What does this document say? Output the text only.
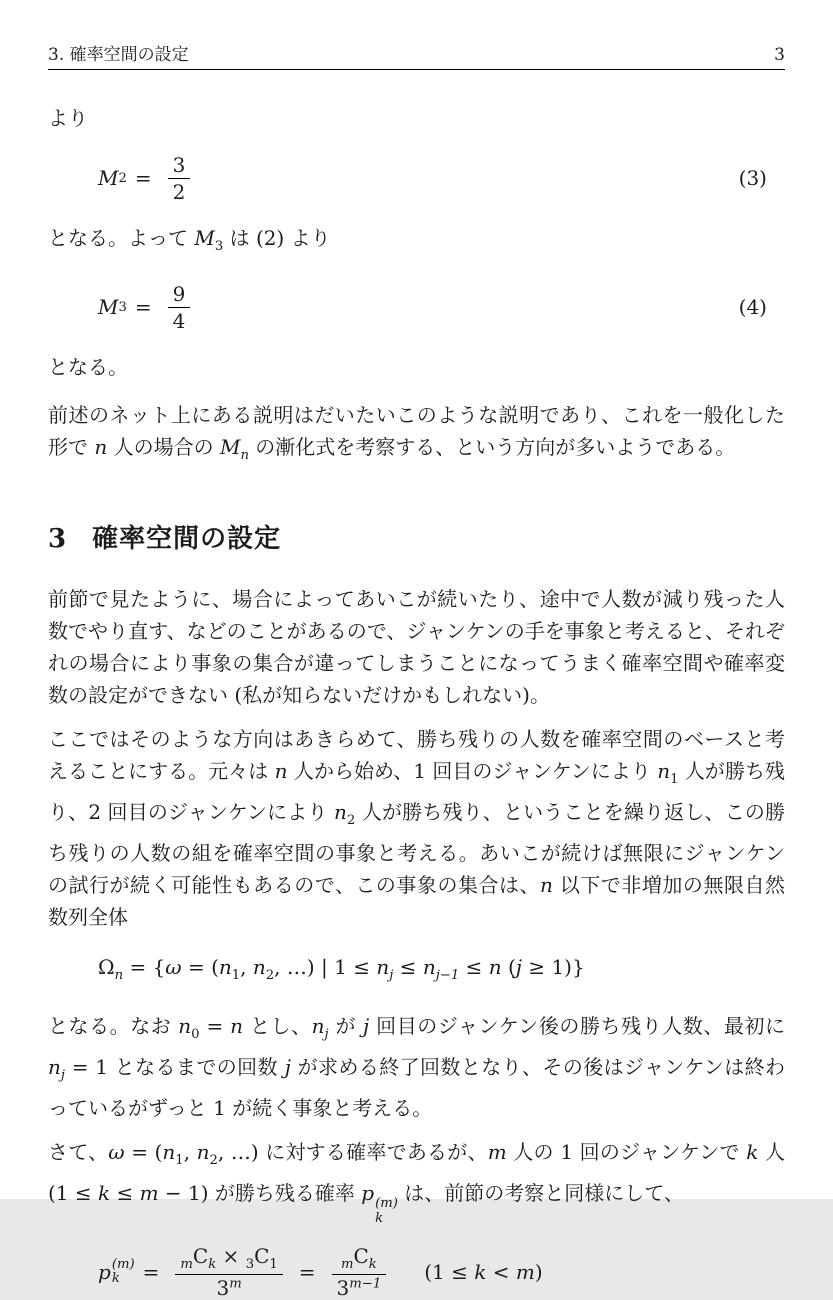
3. 確率空間の設定	3

より

M $2 = \frac{3}{2}$	(3)

となる。よって $M_3$ は (2) より

M $3 = \frac{9}{4}$	(4)

となる。

前述のネット上にある説明はだいたいこのような説明であり、これを一般化した形で n 人の場合の $M_n$ の漸化式を考察する、という方向が多いようである。

3 確率空間の設定

前節で見たように、場合によってあいこが続いたり、途中で人数が減り残った人数でやり直す、などのことがあるので、ジャンケンの手を事象と考えると、それぞれの場合により事象の集合が違ってしまうことになってうまく確率空間や確率変数の設定ができない (私が知らないだけかもしれない)。

ここではそのような方向はあきらめて、勝ち残りの人数を確率空間のベースと考えることにする。元々は n 人から始め、1 回目のジャンケンにより $n_1$ 人が勝ち残り、2 回目のジャンケンにより $n_2$ 人が勝ち残り、ということを繰り返し、この勝ち残りの人数の組を確率空間の事象と考える。あいこが続けば無限にジャンケンの試行が続く可能性もあるので、この事象の集合は、n 以下で非増加の無限自然数列全体

$\Omega_n = \{\omega = (n_1$, $n_2$, …) | $1 \le n_j \le n_{j-1} \le n$ (j ≥ 1)}

となる。なお $n_0 = n$ とし、$n_j$ が j 回目のジャンケン後の勝ち残り人数、最初に $n_j = 1$ となるまでの回数 j が求める終了回数となり、その後はジャンケンは終わっているがずっと 1 が続く事象と考える。

さて、$\omega = (n_1$, $n_2$, …) に対する確率であるが、m 人の 1 回のジャンケンで k 人 (1 ≤ k ≤ m − 1) が勝ち残る確率 p (m)
k
は、前節の考察と同様にして、

p (m)
$k = \frac{_mC_k \times _3C_1}{3^m} = \frac{_mC_k}{3^{m-1}} (1 \le k < m)$
